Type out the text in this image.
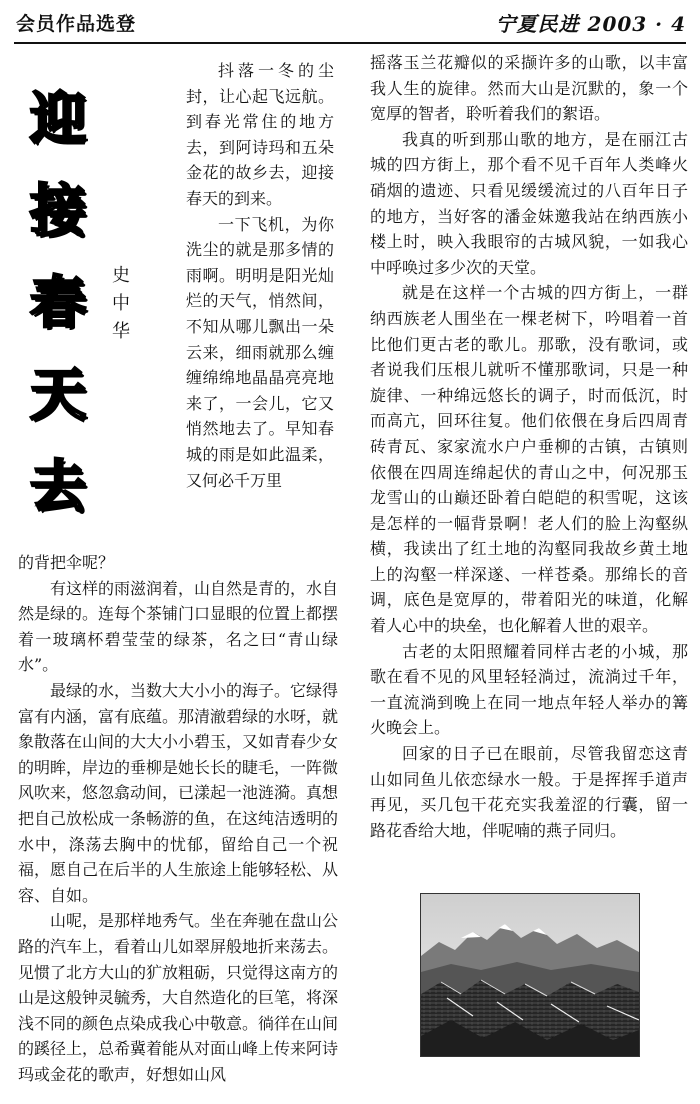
会员作品选登	宁夏民进 2003 · 4
迎
接
春
天
去
史
中
华

抖落一冬的尘封，让心起飞远航。到春光常住的地方去，到阿诗玛和五朵金花的故乡去，迎接春天的到来。

一下飞机，为你洗尘的就是那多情的雨啊。明明是阳光灿烂的天气，悄然间，不知从哪儿飘出一朵云来，细雨就那么缠缠绵绵地晶晶亮亮地来了，一会儿，它又悄然地去了。早知春城的雨是如此温柔，又何必千万里

的背把伞呢？

有这样的雨滋润着，山自然是青的，水自然是绿的。连每个茶铺门口显眼的位置上都摆着一玻璃杯碧莹莹的绿茶，名之曰“青山绿水”。

最绿的水，当数大大小小的海子。它绿得富有内涵，富有底蕴。那清澈碧绿的水呀，就象散落在山间的大大小小碧玉，又如青春少女的明眸，岸边的垂柳是她长长的睫毛，一阵微风吹来，悠忽翕动间，已漾起一池涟漪。真想把自己放松成一条畅游的鱼，在这纯洁透明的水中，涤荡去胸中的忧郁，留给自己一个祝福，愿自己在后半的人生旅途上能够轻松、从容、自如。

山呢，是那样地秀气。坐在奔驰在盘山公路的汽车上，看着山儿如翠屏般地折来荡去。见惯了北方大山的犷放粗砺，只觉得这南方的山是这般钟灵毓秀，大自然造化的巨笔，将深浅不同的颜色点染成我心中敬意。徜徉在山间的蹊径上，总希冀着能从对面山峰上传来阿诗玛或金花的歌声，好想如山风

摇落玉兰花瓣似的采撷许多的山歌，以丰富我人生的旋律。然而大山是沉默的，象一个宽厚的智者，聆听着我们的絮语。

我真的听到那山歌的地方，是在丽江古城的四方街上，那个看不见千百年人类峰火硝烟的遗迹、只看见缓缓流过的八百年日子的地方，当好客的潘金妹邀我站在纳西族小楼上时，映入我眼帘的古城风貌，一如我心中呼唤过多少次的天堂。

就是在这样一个古城的四方街上，一群纳西族老人围坐在一棵老树下，吟唱着一首比他们更古老的歌儿。那歌，没有歌词，或者说我们压根儿就听不懂那歌词，只是一种旋律、一种绵远悠长的调子，时而低沉，时而高亢，回环往复。他们依偎在身后四周青砖青瓦、家家流水户户垂柳的古镇，古镇则依偎在四周连绵起伏的青山之中，何况那玉龙雪山的山巅还卧着白皑皑的积雪呢，这该是怎样的一幅背景啊！老人们的脸上沟壑纵横，我读出了红土地的沟壑同我故乡黄土地上的沟壑一样深遂、一样苍桑。那绵长的音调，底色是宽厚的，带着阳光的味道，化解着人心中的块垒，也化解着人世的艰辛。

古老的太阳照耀着同样古老的小城，那歌在看不见的风里轻轻淌过，流淌过千年，一直流淌到晚上在同一地点年轻人举办的篝火晚会上。

回家的日子已在眼前，尽管我留恋这青山如同鱼儿依恋绿水一般。于是挥挥手道声再见，买几包干花充实我羞涩的行囊，留一路花香给大地，伴呢喃的燕子同归。
